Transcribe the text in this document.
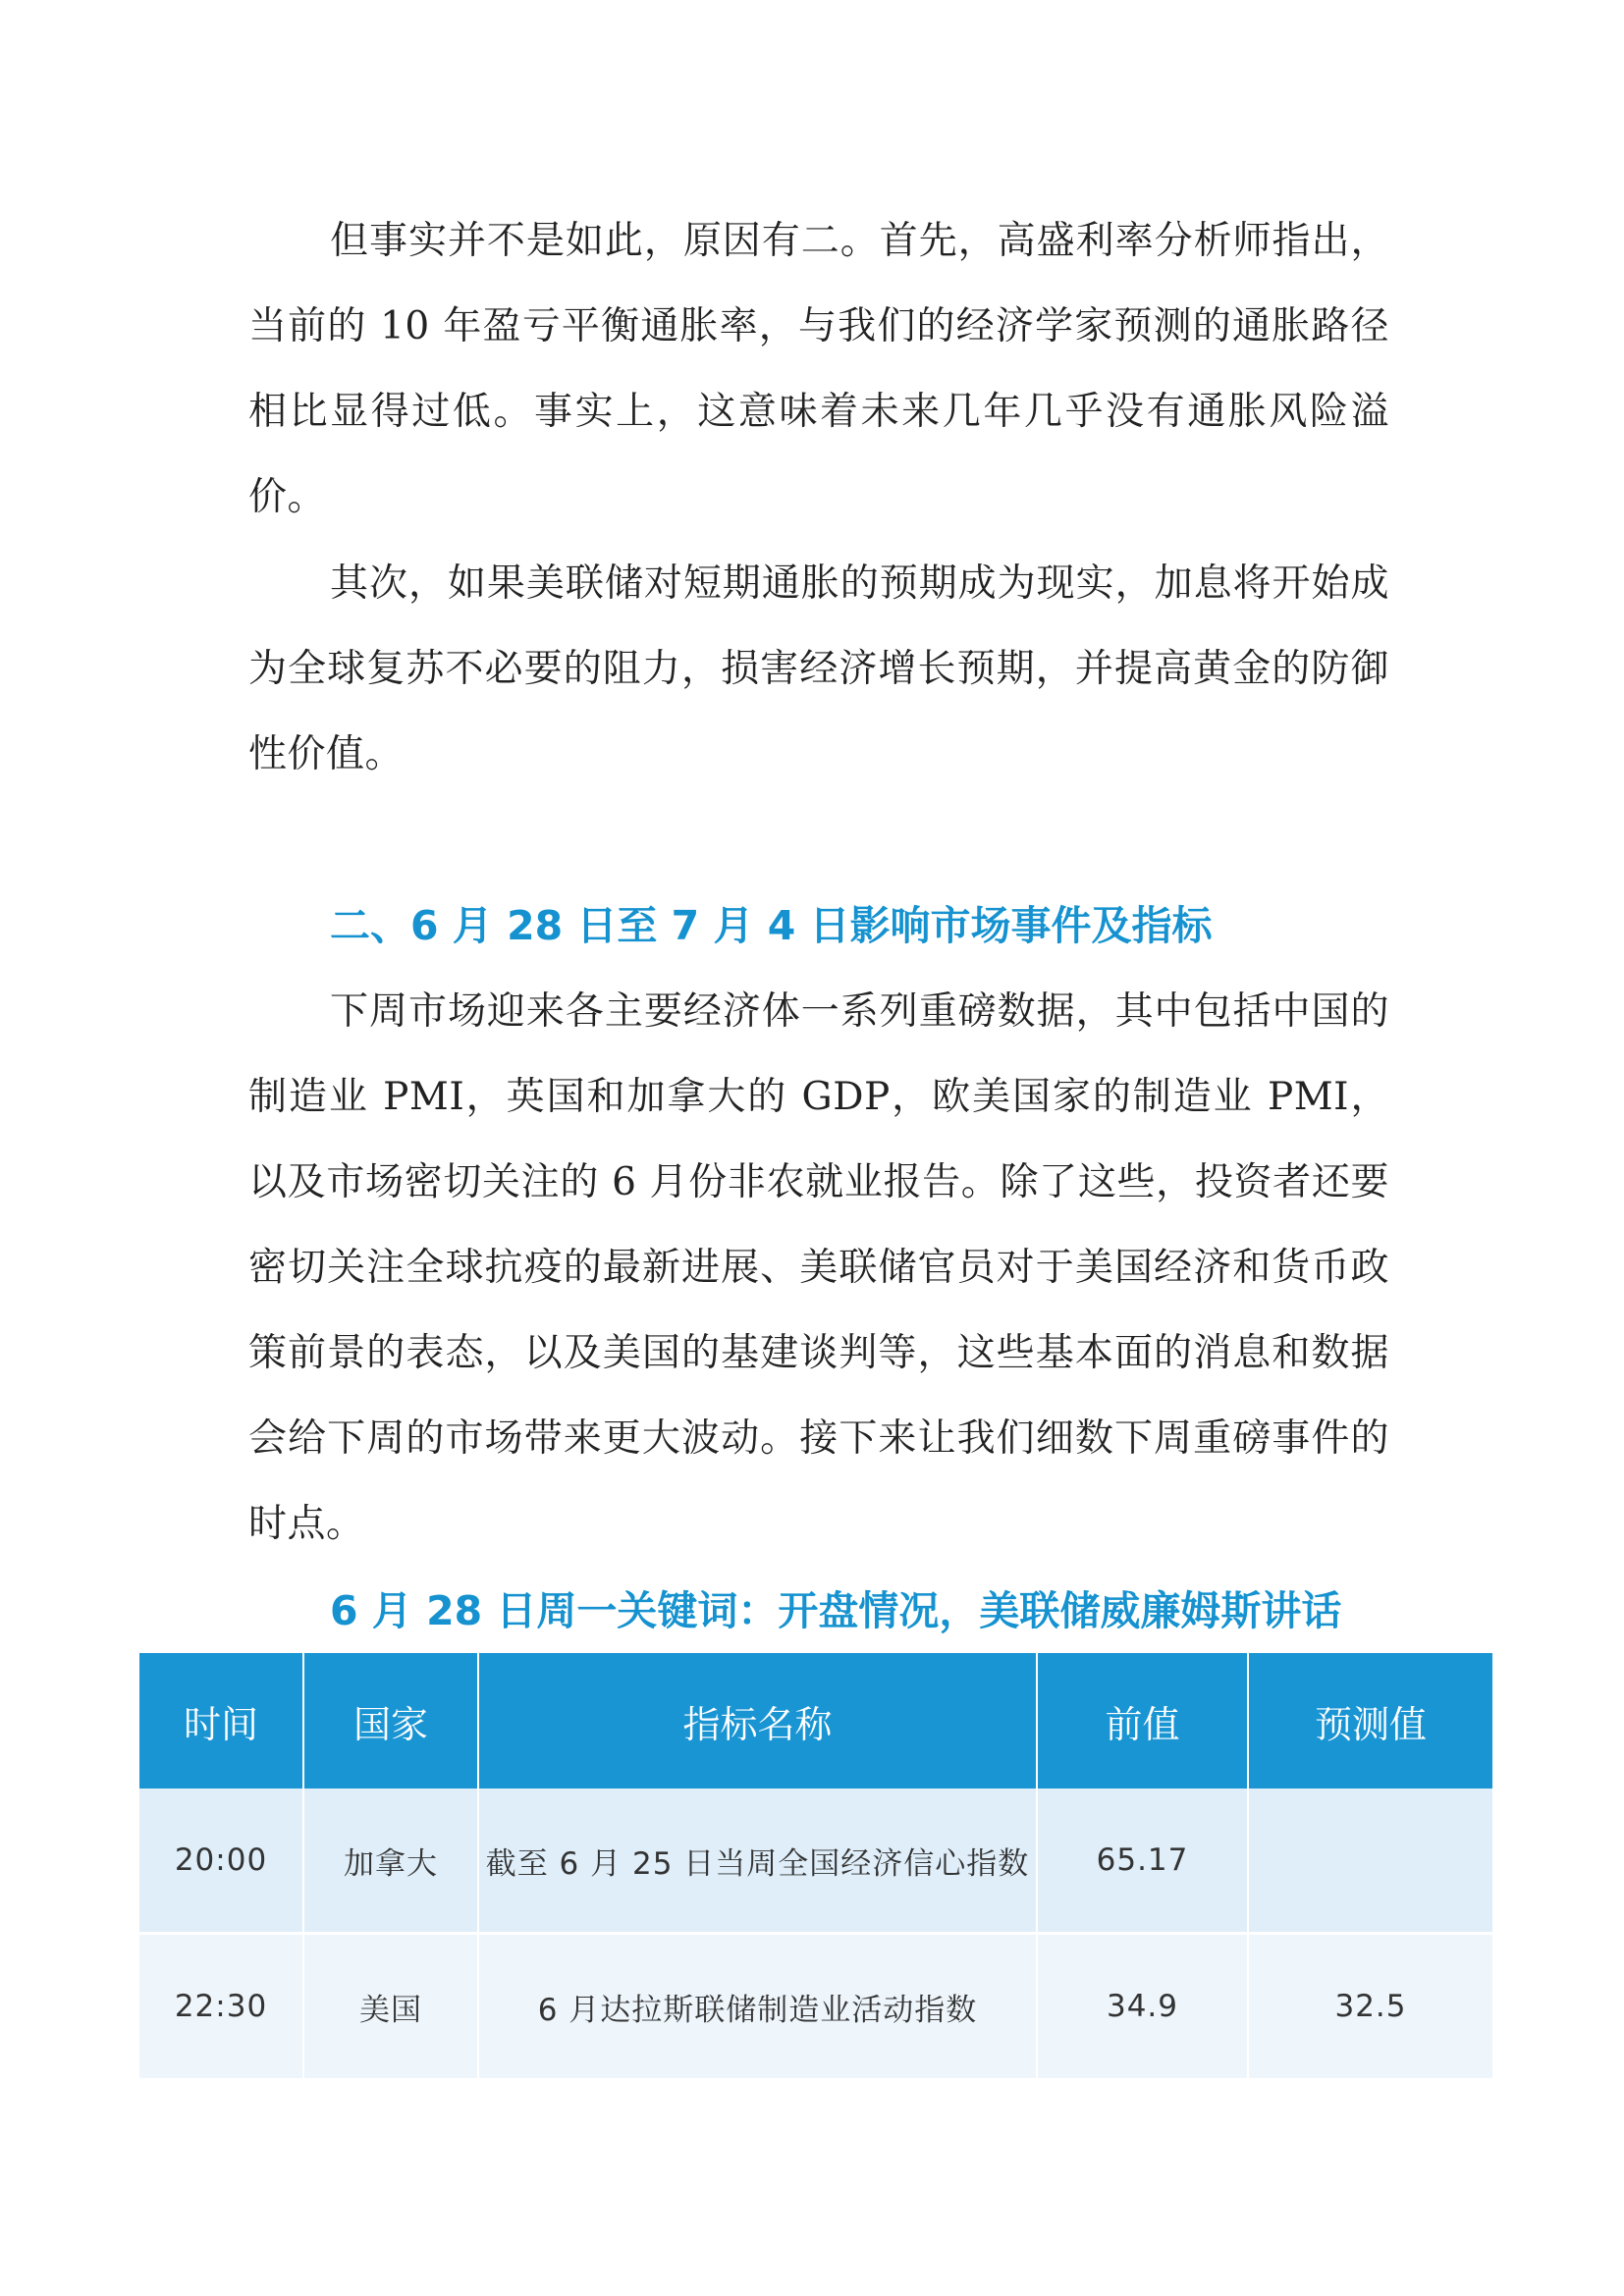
但事实并不是如此，原因有二。首先，高盛利率分析师指出，当前的 10 年盈亏平衡通胀率，与我们的经济学家预测的通胀路径相比显得过低。事实上，这意味着未来几年几乎没有通胀风险溢价。

其次，如果美联储对短期通胀的预期成为现实，加息将开始成为全球复苏不必要的阻力，损害经济增长预期，并提高黄金的防御性价值。

二、6 月 28 日至 7 月 4 日影响市场事件及指标

下周市场迎来各主要经济体一系列重磅数据，其中包括中国的制造业 PMI，英国和加拿大的 GDP，欧美国家的制造业 PMI，以及市场密切关注的 6 月份非农就业报告。除了这些，投资者还要密切关注全球抗疫的最新进展、美联储官员对于美国经济和货币政策前景的表态，以及美国的基建谈判等，这些基本面的消息和数据会给下周的市场带来更大波动。接下来让我们细数下周重磅事件的时点。

6 月 28 日周一关键词：开盘情况，美联储威廉姆斯讲话
时间	国家	指标名称	前值	预测值
20:00	加拿大	截至 6 月 25 日当周全国经济信心指数	65.17	
22:30	美国	6 月达拉斯联储制造业活动指数	34.9	32.5
